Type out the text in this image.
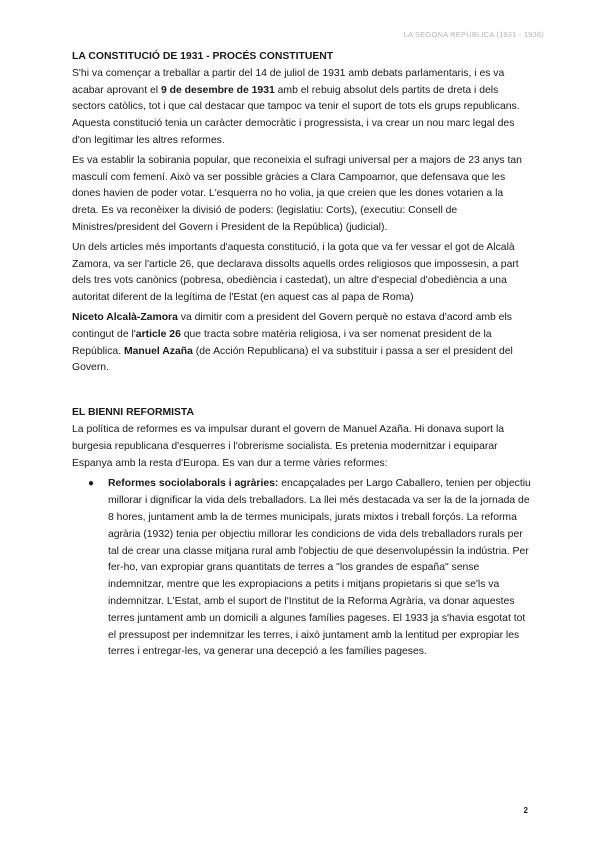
LA SEGONA REPÚBLICA (1931 - 1936)
LA CONSTITUCIÓ DE 1931 - PROCÉS CONSTITUENT

S'hi va començar a treballar a partir del 14 de juliol de 1931 amb debats parlamentaris, i es va acabar aprovant el 9 de desembre de 1931 amb el rebuig absolut dels partits de dreta i dels sectors catòlics, tot i que cal destacar que tampoc va tenir el suport de tots els grups republicans. Aquesta constitució tenia un caràcter democràtic i progressista, i va crear un nou marc legal des d'on legitimar les altres reformes.

Es va establir la sobirania popular, que reconeixia el sufragi universal per a majors de 23 anys tan masculí com femení. Això va ser possible gràcies a Clara Campoamor, que defensava que les dones havien de poder votar. L'esquerra no ho volia, ja que creien que les dones votarien a la dreta. Es va reconèixer la divisió de poders: (legislatiu: Corts), (executiu: Consell de Ministres/president del Govern i President de la República) (judicial).

Un dels articles més importants d'aquesta constitució, i la gota que va fer vessar el got de Alcalà Zamora, va ser l'article 26, que declarava dissolts aquells ordes religiosos que impossesin, a part dels tres vots canònics (pobresa, obediència i castedat), un altre d'especial d'obediència a una autoritat diferent de la legítima de l'Estat (en aquest cas al papa de Roma)

Niceto Alcalà-Zamora va dimitir com a president del Govern perquè no estava d'acord amb els contingut de l'article 26 que tracta sobre matèria religiosa, i va ser nomenat president de la República. Manuel Azaña (de Acción Republicana) el va substituir i passa a ser el president del Govern.

EL BIENNI REFORMISTA

La política de reformes es va impulsar durant el govern de Manuel Azaña. Hi donava suport la burgesia republicana d'esquerres i l'obrerisme socialista. Es pretenia modernitzar i equiparar Espanya amb la resta d'Europa. Es van dur a terme vàries reformes:

● Reformes sociolaborals i agràries: encapçalades per Largo Caballero, tenien per objectiu millorar i dignificar la vida dels treballadors. La llei més destacada va ser la de la jornada de 8 hores, juntament amb la de termes municipals, jurats mixtos i treball forçós. La reforma agrària (1932) tenia per objectiu millorar les condicions de vida dels treballadors rurals per tal de crear una classe mitjana rural amb l'objectiu de que desenvolupéssin la indústria. Per fer-ho, van expropiar grans quantitats de terres a "los grandes de españa" sense indemnitzar, mentre que les expropiacions a petits i mitjans propietaris si que se'ls va indemnitzar. L'Estat, amb el suport de l'Institut de la Reforma Agrària, va donar aquestes terres juntament amb un domicili a algunes famílies pageses. El 1933 ja s'havia esgotat tot el pressupost per indemnitzar les terres, i això juntament amb la lentitud per expropiar les terres i entregar-les, va generar una decepció a les famílies pageses.
2
